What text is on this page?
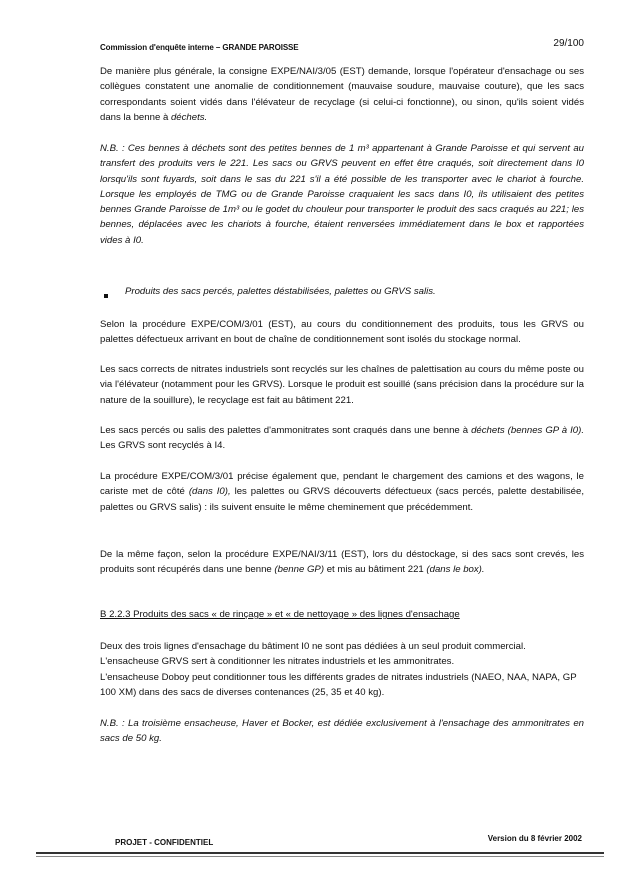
Commission d'enquête interne – GRANDE PAROISSE	29/100

De manière plus générale, la consigne EXPE/NAI/3/05 (EST) demande, lorsque l'opérateur d'ensachage ou ses collègues constatent une anomalie de conditionnement (mauvaise soudure, mauvaise couture), que les sacs correspondants soient vidés dans l'élévateur de recyclage (si celui-ci fonctionne), ou sinon, qu'ils soient vidés dans la benne à déchets.

N.B. : Ces bennes à déchets sont des petites bennes de 1 m³ appartenant à Grande Paroisse et qui servent au transfert des produits vers le 221. Les sacs ou GRVS peuvent en effet être craqués, soit directement dans I0 lorsqu'ils sont fuyards, soit dans le sas du 221 s'il a été possible de les transporter avec le chariot à fourche. Lorsque les employés de TMG ou de Grande Paroisse craquaient les sacs dans I0, ils utilisaient des petites bennes Grande Paroisse de 1m³ ou le godet du chouleur pour transporter le produit des sacs craqués au 221; les bennes, déplacées avec les chariots à fourche, étaient renversées immédiatement dans le box et rapportées vides à I0.

Produits des sacs percés, palettes déstabilisées, palettes ou GRVS salis.

Selon la procédure EXPE/COM/3/01 (EST), au cours du conditionnement des produits, tous les GRVS ou palettes défectueux arrivant en bout de chaîne de conditionnement sont isolés du stockage normal.

Les sacs corrects de nitrates industriels sont recyclés sur les chaînes de palettisation au cours du même poste ou via l'élévateur (notamment pour les GRVS). Lorsque le produit est souillé (sans précision dans la procédure sur la nature de la souillure), le recyclage est fait au bâtiment 221.

Les sacs percés ou salis des palettes d'ammonitrates sont craqués dans une benne à déchets (bennes GP à I0). Les GRVS sont recyclés à I4.

La procédure EXPE/COM/3/01 précise également que, pendant le chargement des camions et des wagons, le cariste met de côté (dans I0), les palettes ou GRVS découverts défectueux (sacs percés, palette destabilisée, palettes ou GRVS salis) : ils suivent ensuite le même cheminement que précédemment.

De la même façon, selon la procédure EXPE/NAI/3/11 (EST), lors du déstockage, si des sacs sont crevés, les produits sont récupérés dans une benne (benne GP) et mis au bâtiment 221 (dans le box).

B 2.2.3 Produits des sacs « de rinçage » et « de nettoyage » des lignes d'ensachage

Deux des trois lignes d'ensachage du bâtiment I0 ne sont pas dédiées à un seul produit commercial.
L'ensacheuse GRVS sert à conditionner les nitrates industriels et les ammonitrates.
L'ensacheuse Doboy peut conditionner tous les différents grades de nitrates industriels (NAEO, NAA, NAPA, GP 100 XM) dans des sacs de diverses contenances (25, 35 et 40 kg).

N.B. : La troisième ensacheuse, Haver et Bocker, est dédiée exclusivement à l'ensachage des ammonitrates en sacs de 50 kg.

PROJET - CONFIDENTIEL	Version du 8 février 2002
